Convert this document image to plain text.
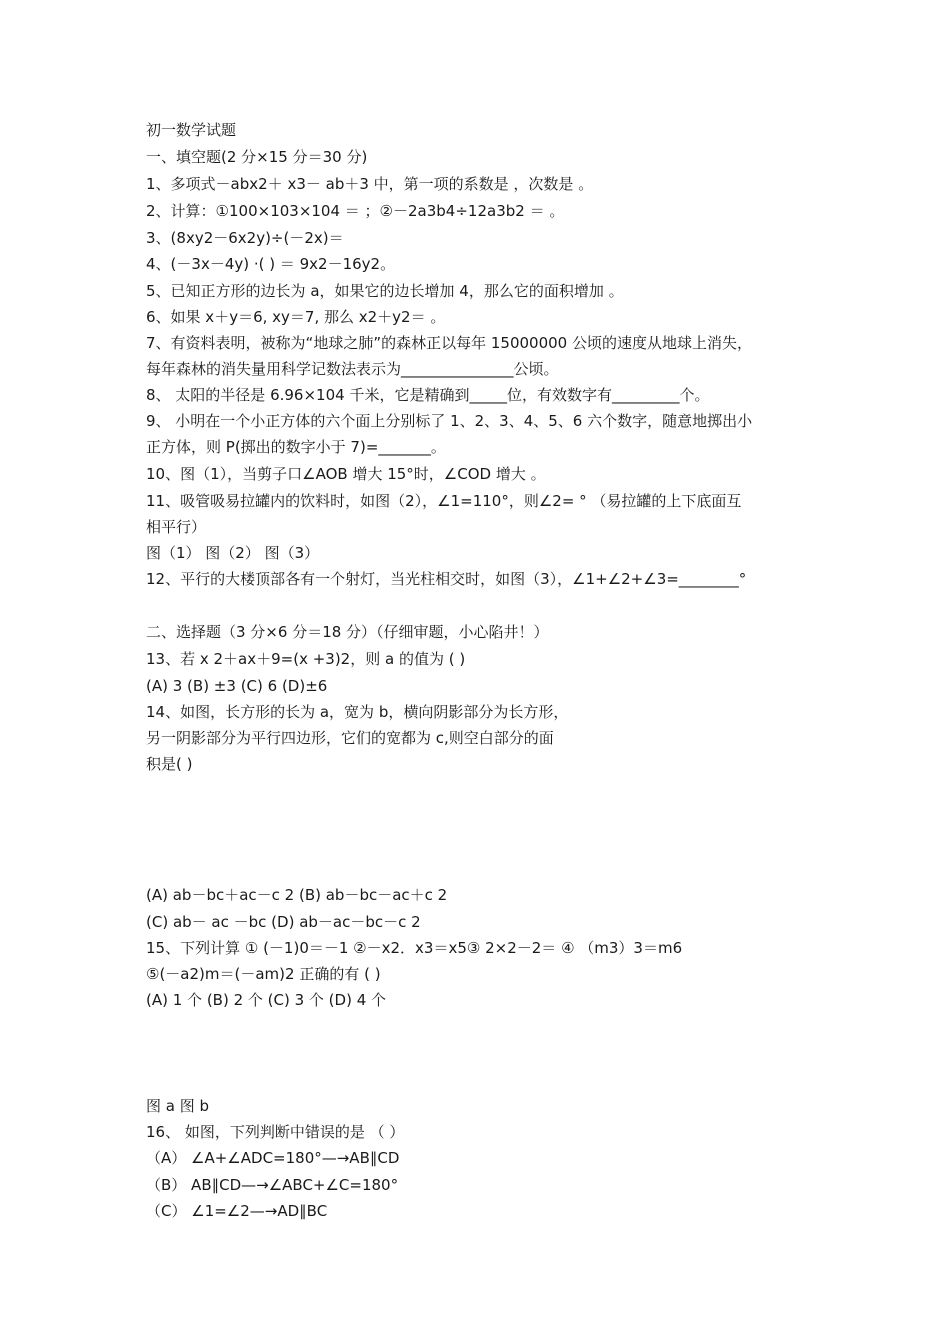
初一数学试题
一、填空题(2 分×15 分＝30 分)
1、多项式－abx2＋ x3－ ab＋3 中，第一项的系数是 ，次数是 。
2、计算：①100×103×104 ＝ ；②－2a3b4÷12a3b2 ＝ 。
3、(8xy2－6x2y)÷(－2x)＝
4、(－3x－4y) ·( ) ＝ 9x2－16y2。
5、已知正方形的边长为 a，如果它的边长增加 4，那么它的面积增加 。
6、如果 x＋y＝6, xy＝7, 那么 x2＋y2＝ 。
7、有资料表明，被称为“地球之肺”的森林正以每年 15000000 公顷的速度从地球上消失，
每年森林的消失量用科学记数法表示为_______________公顷。
8、 太阳的半径是 6.96×104 千米，它是精确到_____位，有效数字有_________个。
9、 小明在一个小正方体的六个面上分别标了 1、2、3、4、5、6 六个数字，随意地掷出小
正方体，则 P(掷出的数字小于 7)=_______。
10、图（1），当剪子口∠AOB 增大 15°时，∠COD 增大 。
11、吸管吸易拉罐内的饮料时，如图（2），∠1=110°，则∠2= ° （易拉罐的上下底面互
相平行）
图（1） 图（2） 图（3）
12、平行的大楼顶部各有一个射灯，当光柱相交时，如图（3），∠1+∠2+∠3=________°
二、选择题（3 分×6 分＝18 分）（仔细审题，小心陷井！）
13、若 x 2＋ax＋9=(x +3)2，则 a 的值为 ( )
(A) 3 (B) ±3 (C) 6 (D)±6
14、如图，长方形的长为 a，宽为 b，横向阴影部分为长方形，
另一阴影部分为平行四边形，它们的宽都为 c,则空白部分的面
积是( )
(A) ab－bc＋ac－c 2 (B) ab－bc－ac＋c 2
(C) ab－ ac －bc (D) ab－ac－bc－c 2
15、下列计算 ① (－1)0＝－1 ②－x2．x3＝x5③ 2×2－2＝ ④ （m3）3＝m6
⑤(－a2)m＝(－am)2 正确的有 ( )
(A) 1 个 (B) 2 个 (C) 3 个 (D) 4 个
图 a 图 b
16、 如图，下列判断中错误的是 （ ）
（A） ∠A+∠ADC=180°—→AB∥CD
（B） AB∥CD—→∠ABC+∠C=180°
（C） ∠1=∠2—→AD∥BC
